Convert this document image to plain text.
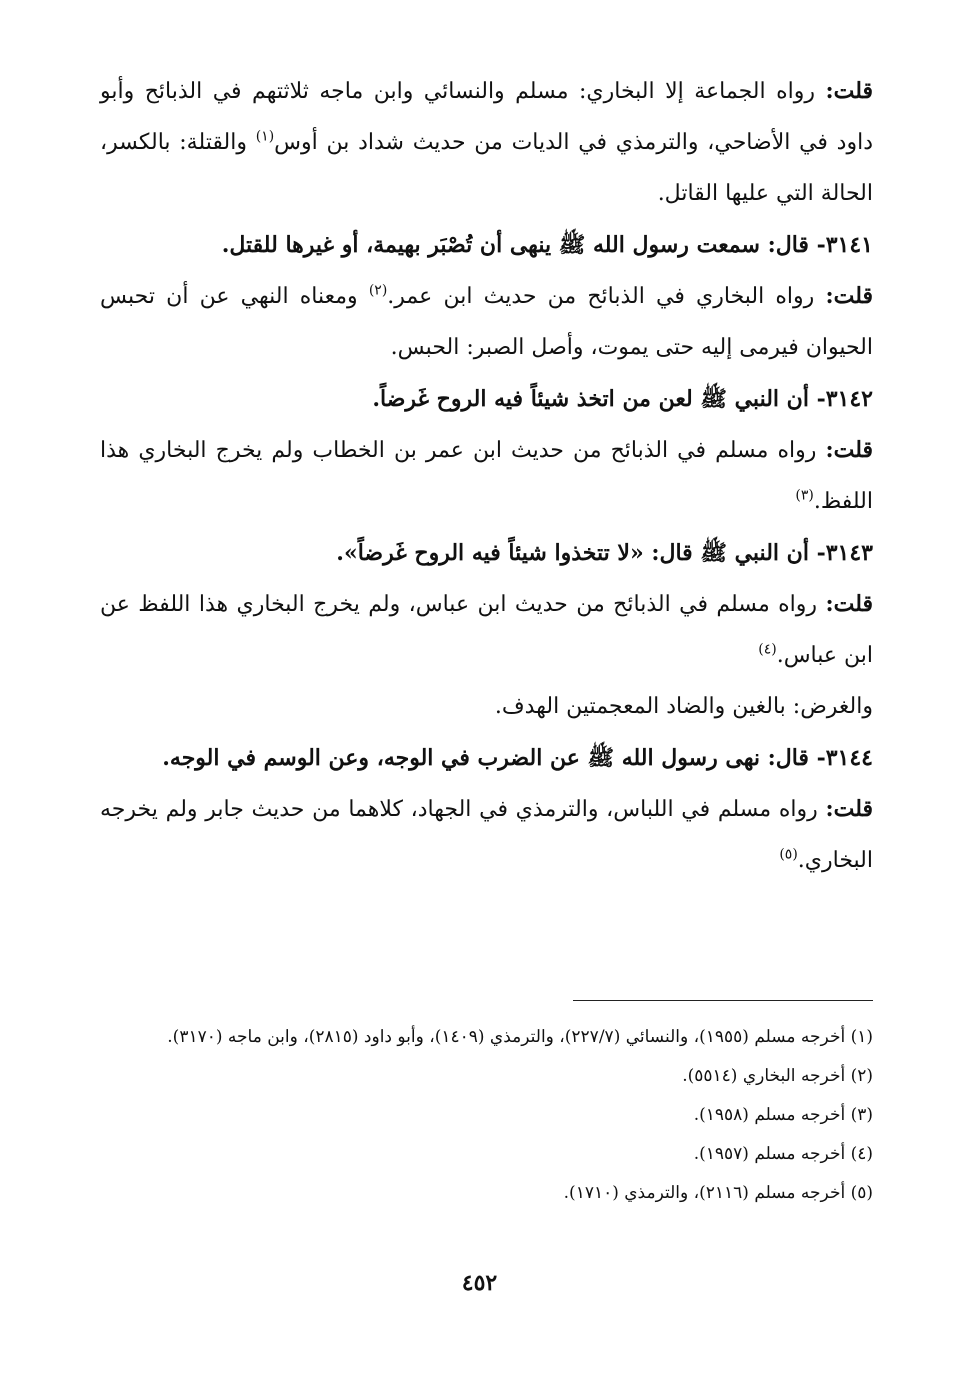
قلت: رواه الجماعة إلا البخاري: مسلم والنسائي وابن ماجه ثلاثتهم في الذبائح وأبو داود في الأضاحي، والترمذي في الديات من حديث شداد بن أوس$^{(١)}$ والقتلة: بالكسر، الحالة التي عليها القاتل.

٣١٤١- قال: سمعت رسول الله ﷺ ينهى أن تُصْبَر بهيمة، أو غيرها للقتل.

قلت: رواه البخاري في الذبائح من حديث ابن عمر.$^{(٢)}$ ومعناه النهي عن أن تحبس الحيوان فيرمى إليه حتى يموت، وأصل الصبر: الحبس.

٣١٤٢- أن النبي ﷺ لعن من اتخذ شيئاً فيه الروح غَرضاً.

قلت: رواه مسلم في الذبائح من حديث ابن عمر بن الخطاب ولم يخرج البخاري هذا اللفظ.$^{(٣)}$

٣١٤٣- أن النبي ﷺ قال: «لا تتخذوا شيئاً فيه الروح غَرضاً».

قلت: رواه مسلم في الذبائح من حديث ابن عباس، ولم يخرج البخاري هذا اللفظ عن ابن عباس.$^{(٤)}$

والغرض: بالغين والضاد المعجمتين الهدف.

٣١٤٤- قال: نهى رسول الله ﷺ عن الضرب في الوجه، وعن الوسم في الوجه.

قلت: رواه مسلم في اللباس، والترمذي في الجهاد، كلاهما من حديث جابر ولم يخرجه البخاري.$^{(٥)}$

(١) أخرجه مسلم (١٩٥٥)، والنسائي (٢٢٧/٧)، والترمذي (١٤٠٩)، وأبو داود (٢٨١٥)، وابن ماجه (٣١٧٠).

(٢) أخرجه البخاري (٥٥١٤).

(٣) أخرجه مسلم (١٩٥٨).

(٤) أخرجه مسلم (١٩٥٧).

(٥) أخرجه مسلم (٢١١٦)، والترمذي (١٧١٠).

٤٥٢
